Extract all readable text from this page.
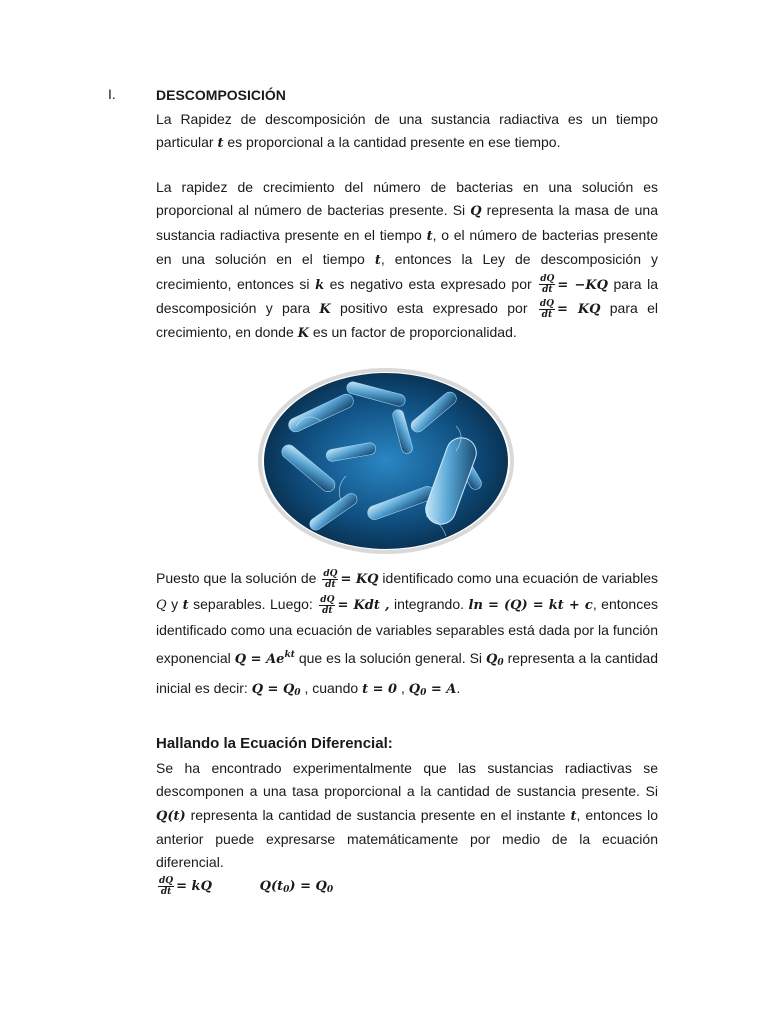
I.	DESCOMPOSICIÓN

La Rapidez de descomposición de una sustancia radiactiva es un tiempo particular t es proporcional a la cantidad presente en ese tiempo.

La rapidez de crecimiento del número de bacterias en una solución es proporcional al número de bacterias presente. Si Q representa la masa de una sustancia radiactiva presente en el tiempo t, o el número de bacterias presente en una solución en el tiempo t, entonces la Ley de descomposición y crecimiento, entonces si k es negativo esta expresado por $\frac{dQ}{dt} = -KQ$ para la descomposición y para K positivo esta expresado por $\frac{dQ}{dt}$ = KQ para el crecimiento, en donde K es un factor de proporcionalidad.

Puesto que la solución de $\frac{dQ}{dt}$ = KQ identificado como una ecuación de variables Q y t separables. Luego: $\frac{dQ}{dt}$ = Kdt , integrando. ln = (Q) = kt + c, entonces identificado como una ecuación de variables separables está dada por la función exponencial $Q = Ae^{kt}$ que es la solución general. Si $Q_0$ representa a la cantidad inicial es decir: $Q = Q_0$ , cuando t = 0 , $Q_0 = A$.

Hallando la Ecuación Diferencial:

Se ha encontrado experimentalmente que las sustancias radiactivas se descomponen a una tasa proporcional a la cantidad de sustancia presente. Si Q(t) representa la cantidad de sustancia presente en el instante t, entonces lo anterior puede expresarse matemáticamente por medio de la ecuación diferencial.

$\frac{dQ}{dt}$ = kQ	$Q(t_0) = Q_0$
